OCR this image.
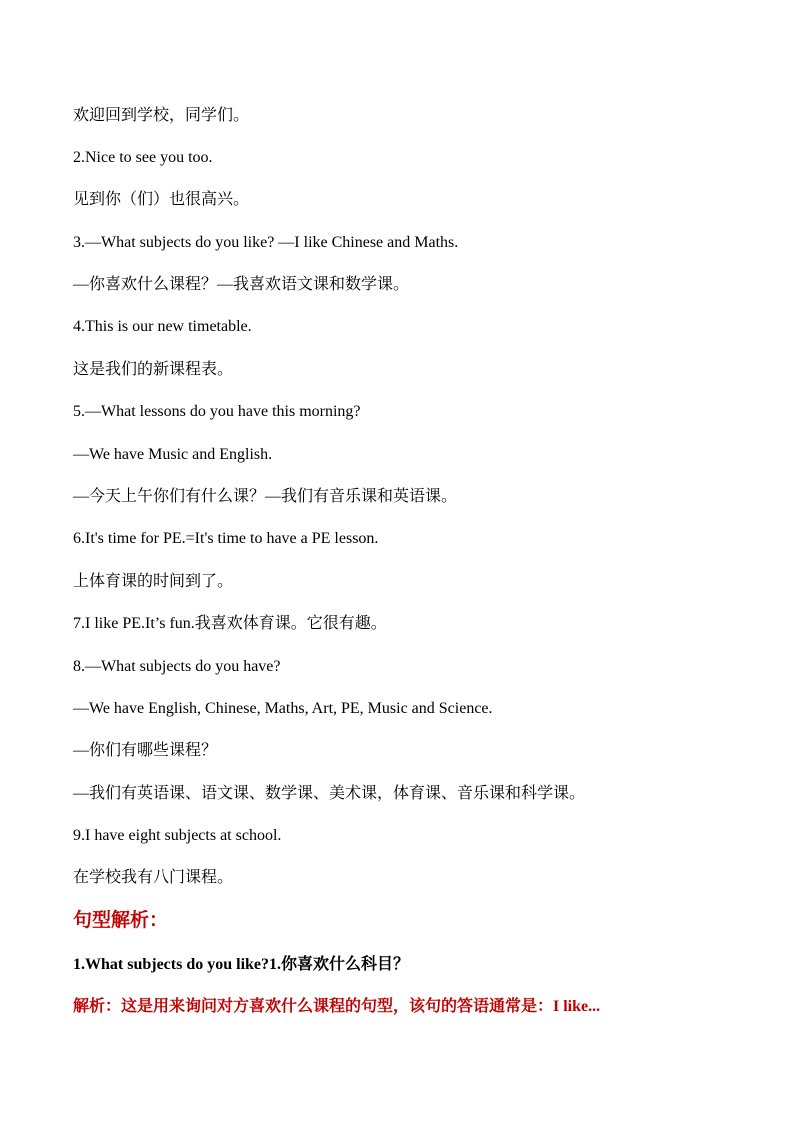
欢迎回到学校，同学们。

2.Nice to see you too.

见到你（们）也很高兴。

3.—What subjects do you like? —I like Chinese and Maths.

—你喜欢什么课程？—我喜欢语文课和数学课。

4.This is our new timetable.

这是我们的新课程表。

5.—What lessons do you have this morning?

—We have Music and English.

—今天上午你们有什么课？—我们有音乐课和英语课。

6.It's time for PE.=It's time to have a PE lesson.

上体育课的时间到了。

7.I like PE.It’s fun.我喜欢体育课。它很有趣。

8.—What subjects do you have?

—We have English, Chinese, Maths, Art, PE, Music and Science.

—你们有哪些课程？

—我们有英语课、语文课、数学课、美术课，体育课、音乐课和科学课。

9.I have eight subjects at school.

在学校我有八门课程。

句型解析：

1.What subjects do you like?1.你喜欢什么科目？

解析：这是用来询问对方喜欢什么课程的句型，该句的答语通常是：I like...
